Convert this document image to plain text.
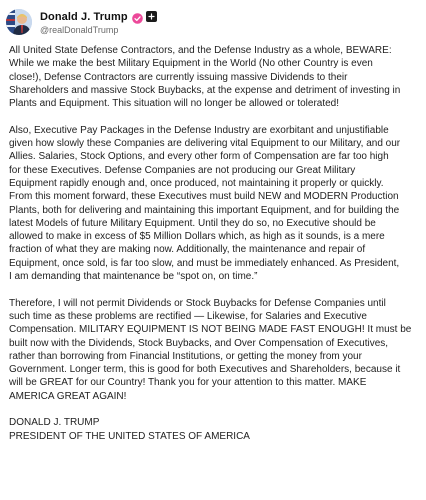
Donald J. Trump
@realDonaldTrump

All United State Defense Contractors, and the Defense Industry as a whole, BEWARE:
While we make the best Military Equipment in the World (No other Country is even
close!), Defense Contractors are currently issuing massive Dividends to their
Shareholders and massive Stock Buybacks, at the expense and detriment of investing in
Plants and Equipment. This situation will no longer be allowed or tolerated!

Also, Executive Pay Packages in the Defense Industry are exorbitant and unjustifiable
given how slowly these Companies are delivering vital Equipment to our Military, and our
Allies. Salaries, Stock Options, and every other form of Compensation are far too high
for these Executives. Defense Companies are not producing our Great Military
Equipment rapidly enough and, once produced, not maintaining it properly or quickly.
From this moment forward, these Executives must build NEW and MODERN Production
Plants, both for delivering and maintaining this important Equipment, and for building the
latest Models of future Military Equipment. Until they do so, no Executive should be
allowed to make in excess of $5 Million Dollars which, as high as it sounds, is a mere
fraction of what they are making now. Additionally, the maintenance and repair of
Equipment, once sold, is far too slow, and must be immediately enhanced. As President,
I am demanding that maintenance be “spot on, on time.”

Therefore, I will not permit Dividends or Stock Buybacks for Defense Companies until
such time as these problems are rectified — Likewise, for Salaries and Executive
Compensation. MILITARY EQUIPMENT IS NOT BEING MADE FAST ENOUGH! It must be
built now with the Dividends, Stock Buybacks, and Over Compensation of Executives,
rather than borrowing from Financial Institutions, or getting the money from your
Government. Longer term, this is good for both Executives and Shareholders, because it
will be GREAT for our Country! Thank you for your attention to this matter. MAKE
AMERICA GREAT AGAIN!

DONALD J. TRUMP

PRESIDENT OF THE UNITED STATES OF AMERICA
